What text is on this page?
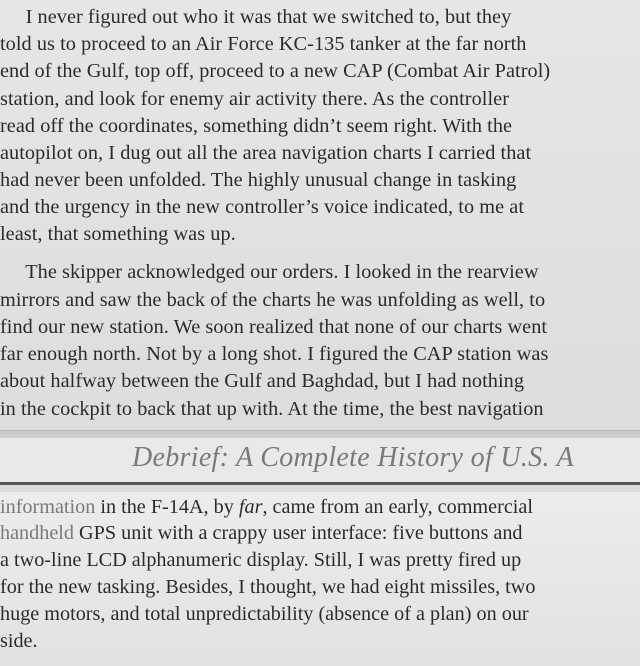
I never figured out who it was that we switched to, but they
told us to proceed to an Air Force KC-135 tanker at the far north
end of the Gulf, top off, proceed to a new CAP (Combat Air Patrol)
station, and look for enemy air activity there. As the controller
read off the coordinates, something didn’t seem right. With the
autopilot on, I dug out all the area navigation charts I carried that
had never been unfolded. The highly unusual change in tasking
and the urgency in the new controller’s voice indicated, to me at
least, that something was up.
The skipper acknowledged our orders. I looked in the rearview
mirrors and saw the back of the charts he was unfolding as well, to
find our new station. We soon realized that none of our charts went
far enough north. Not by a long shot. I figured the CAP station was
about halfway between the Gulf and Baghdad, but I had nothing
in the cockpit to back that up with. At the time, the best navigation
Debrief: A Complete History of U.S. A
information in the F-14A, by far, came from an early, commercial
handheld GPS unit with a crappy user interface: five buttons and
a two-line LCD alphanumeric display. Still, I was pretty fired up
for the new tasking. Besides, I thought, we had eight missiles, two
huge motors, and total unpredictability (absence of a plan) on our
side.
